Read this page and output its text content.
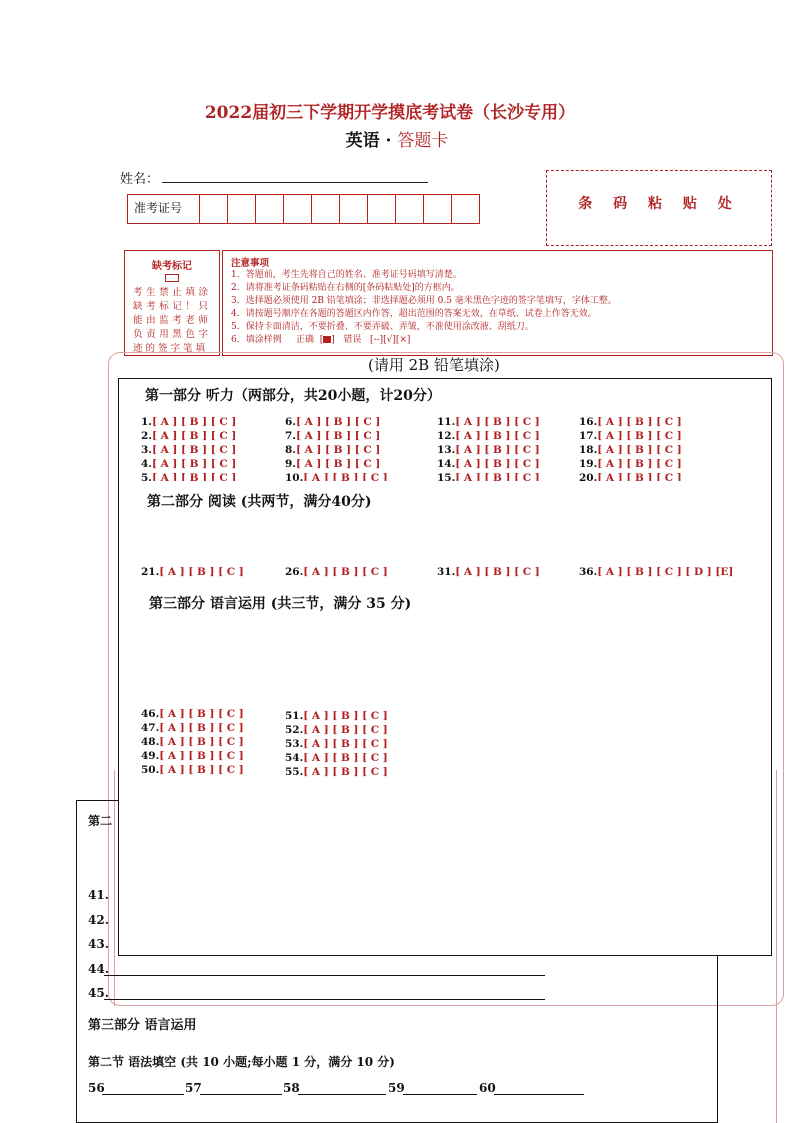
2022届初三下学期开学摸底考试卷（长沙专用）
英语 · 答题卡
姓名：
条 码 粘 贴 处
准考证号
缺考标记
考生禁止填涂缺考标记！只能由监考老师负责用黑色字迹的签字笔填
注意事项
1．答题前，考生先将自己的姓名、准考证号码填写清楚。
2．请将准考证条码粘贴在右侧的[条码粘贴处]的方框内。
3．选择题必须使用 2B 铅笔填涂；非选择题必须用 0.5 毫米黑色字迹的签字笔填写，字体工整。
4．请按题号顺序在各题的答题区内作答，超出范围的答案无效，在草纸、试卷上作答无效。
5．保持卡面清洁，不要折叠、不要弄破、弄皱，不准使用涂改液、刮纸刀。
6．填涂样例 正确  [ ]   错误 [--][√][×]
第二
41.
42.
43.
44.
45.
第三部分 语言运用
第二节 语法填空 (共 10 小题;每小题 1 分，满分 10 分)
56	57	58	59	60
(请用 2B 铅笔填涂)
第一部分 听力（两部分，共20小题，计20分）
1.[ A ] [ B ] [ C ]
2.[ A ] [ B ] [ C ]
3.[ A ] [ B ] [ C ]
4.[ A ] [ B ] [ C ]
5.[ A ] [ B ] [ C ]
6.[ A ] [ B ] [ C ]
7.[ A ] [ B ] [ C ]
8.[ A ] [ B ] [ C ]
9.[ A ] [ B ] [ C ]
10.[ A ] [ B ] [ C ]
11.[ A ] [ B ] [ C ]
12.[ A ] [ B ] [ C ]
13.[ A ] [ B ] [ C ]
14.[ A ] [ B ] [ C ]
15.[ A ] [ B ] [ C ]
16.[ A ] [ B ] [ C ]
17.[ A ] [ B ] [ C ]
18.[ A ] [ B ] [ C ]
19.[ A ] [ B ] [ C ]
20.[ A ] [ B ] [ C ]
第二部分 阅读 (共两节，满分40分)
21.[ A ] [ B ] [ C ]	26.[ A ] [ B ] [ C ]	31.[ A ] [ B ] [ C ]	36.[ A ] [ B ] [ C ] [ D ] [E]
第三部分 语言运用 (共三节，满分 35 分)
46.[ A ] [ B ] [ C ]
47.[ A ] [ B ] [ C ]
48.[ A ] [ B ] [ C ]
49.[ A ] [ B ] [ C ]
50.[ A ] [ B ] [ C ]
51.[ A ] [ B ] [ C ]
52.[ A ] [ B ] [ C ]
53.[ A ] [ B ] [ C ]
54.[ A ] [ B ] [ C ]
55.[ A ] [ B ] [ C ]
